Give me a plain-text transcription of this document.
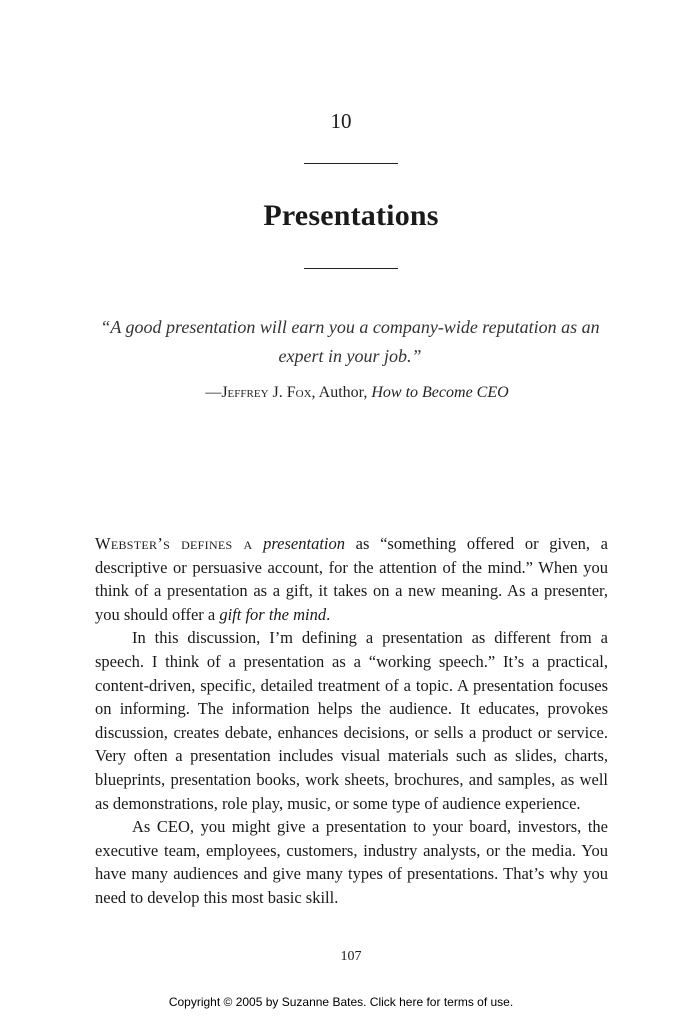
10
Presentations
“A good presentation will earn you a company-wide reputation as an expert in your job.”
—Jeffrey J. Fox, Author, How to Become CEO

Webster’s defines a presentation as “something offered or given, a descriptive or persuasive account, for the attention of the mind.” When you think of a presentation as a gift, it takes on a new meaning. As a presenter, you should offer a gift for the mind.

In this discussion, I’m defining a presentation as different from a speech. I think of a presentation as a “working speech.” It’s a practical, content-driven, specific, detailed treatment of a topic. A presentation focuses on informing. The information helps the audience. It educates, provokes discussion, creates debate, enhances decisions, or sells a product or service. Very often a presentation includes visual materials such as slides, charts, blueprints, presentation books, work sheets, brochures, and samples, as well as demonstrations, role play, music, or some type of audience experience.

As CEO, you might give a presentation to your board, investors, the executive team, employees, customers, industry analysts, or the media. You have many audiences and give many types of presentations. That’s why you need to develop this most basic skill.

107
Copyright © 2005 by Suzanne Bates. Click here for terms of use.
